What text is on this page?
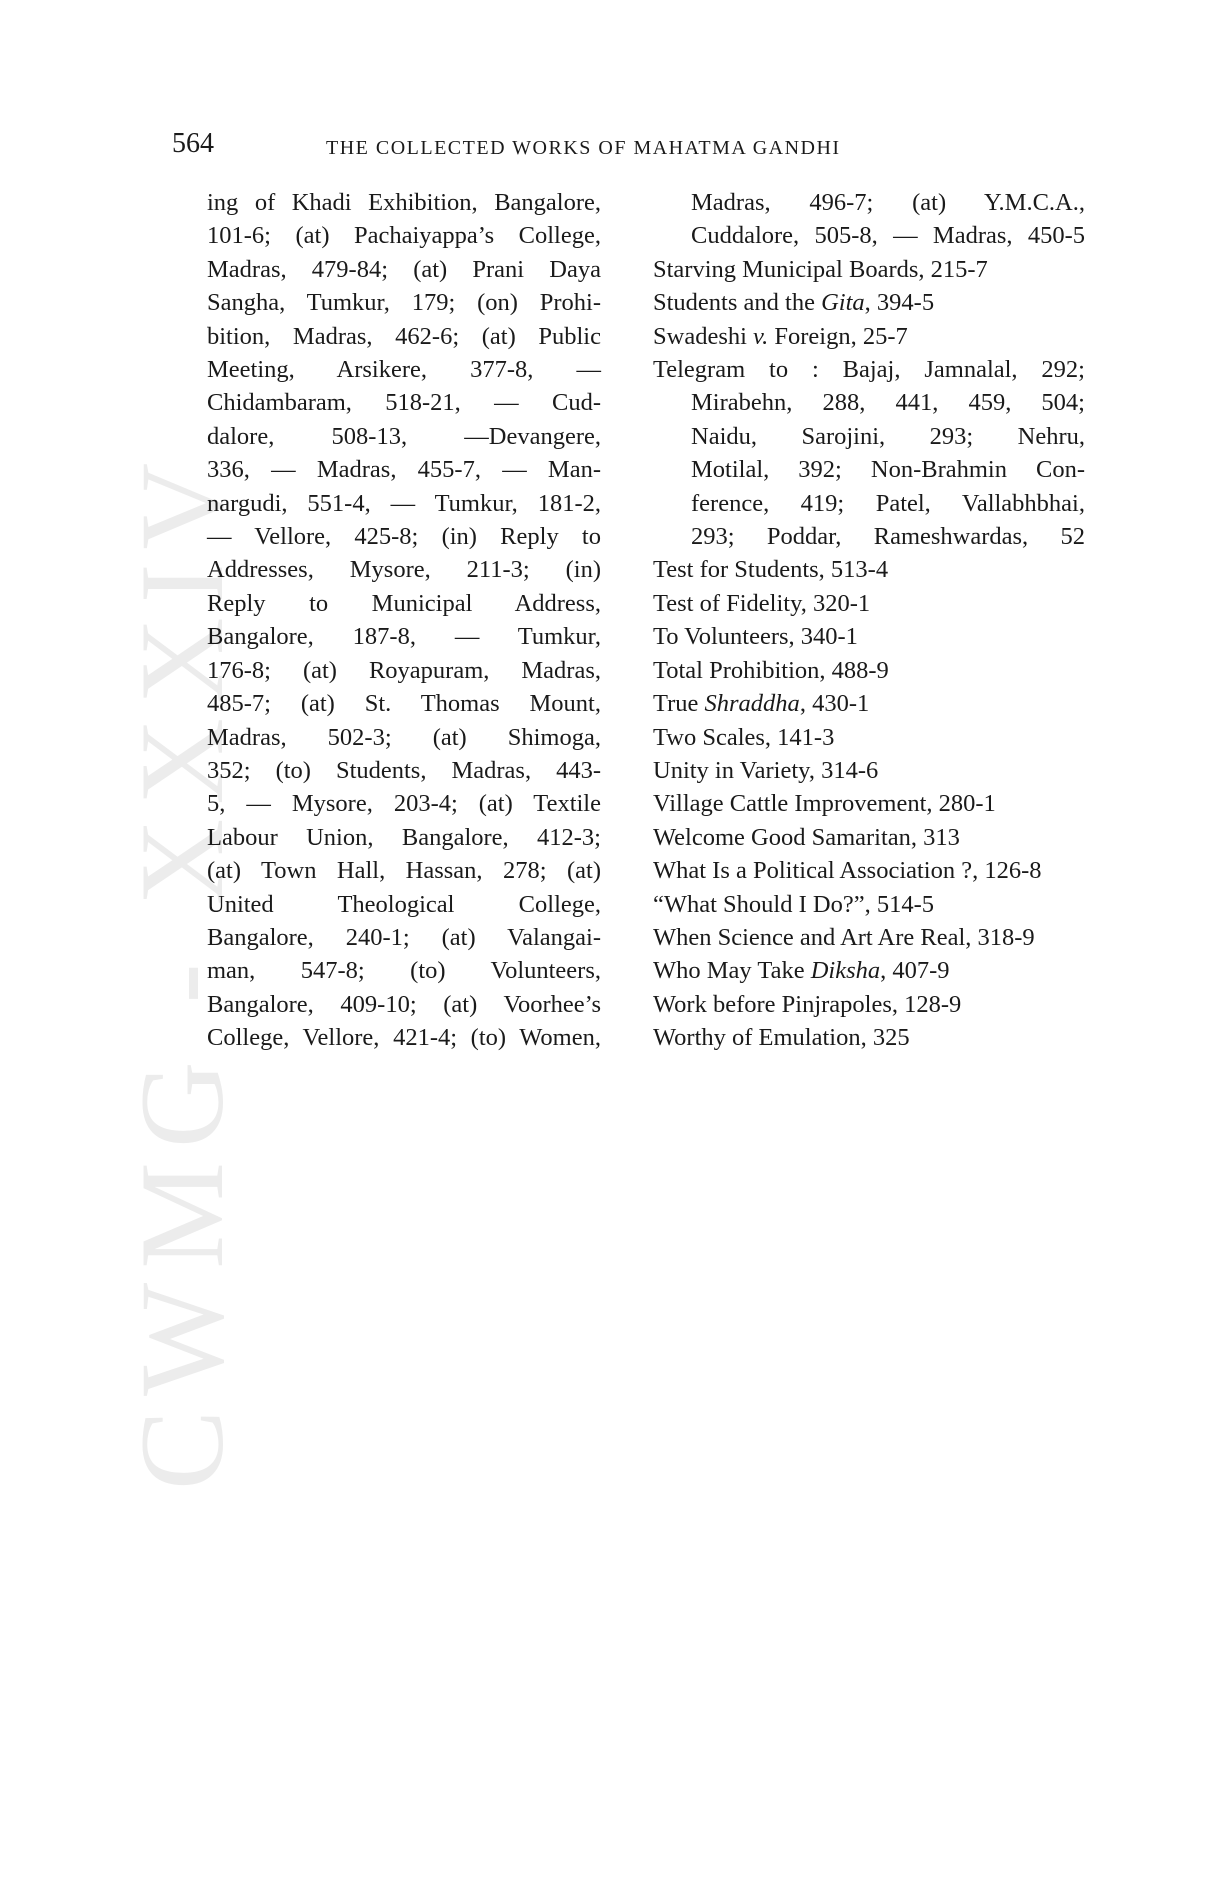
CWMG - XXXIV
564	THE COLLECTED WORKS OF MAHATMA GANDHI
ing of Khadi Exhibition, Bangalore,
101-6; (at) Pachaiyappa’s College,
Madras, 479-84; (at) Prani Daya
Sangha, Tumkur, 179; (on) Prohi-
bition, Madras, 462-6; (at) Public
Meeting, Arsikere, 377-8, —
Chidambaram, 518-21, — Cud-
dalore, 508-13, —Devangere,
336, — Madras, 455-7, — Man-
nargudi, 551-4, — Tumkur, 181-2,
— Vellore, 425-8; (in) Reply to
Addresses, Mysore, 211-3; (in)
Reply to Municipal Address,
Bangalore, 187-8, — Tumkur,
176-8; (at) Royapuram, Madras,
485-7; (at) St. Thomas Mount,
Madras, 502-3; (at) Shimoga,
352; (to) Students, Madras, 443-
5, — Mysore, 203-4; (at) Textile
Labour Union, Bangalore, 412-3;
(at) Town Hall, Hassan, 278; (at)
United Theological College,
Bangalore, 240-1; (at) Valangai-
man, 547-8; (to) Volunteers,
Bangalore, 409-10; (at) Voorhee’s
College, Vellore, 421-4; (to) Women,
Madras, 496-7; (at) Y.M.C.A.,
Cuddalore, 505-8, — Madras, 450-5
Starving Municipal Boards, 215-7
Students and the Gita, 394-5
Swadeshi v. Foreign, 25-7
Telegram to : Bajaj, Jamnalal, 292;
Mirabehn, 288, 441, 459, 504;
Naidu, Sarojini, 293; Nehru,
Motilal, 392; Non-Brahmin Con-
ference, 419; Patel, Vallabhbhai,
293; Poddar, Rameshwardas, 52
Test for Students, 513-4
Test of Fidelity, 320-1
To Volunteers, 340-1
Total Prohibition, 488-9
True Shraddha, 430-1
Two Scales, 141-3
Unity in Variety, 314-6
Village Cattle Improvement, 280-1
Welcome Good Samaritan, 313
What Is a Political Association ?, 126-8
“What Should I Do?”, 514-5
When Science and Art Are Real, 318-9
Who May Take Diksha, 407-9
Work before Pinjrapoles, 128-9
Worthy of Emulation, 325
